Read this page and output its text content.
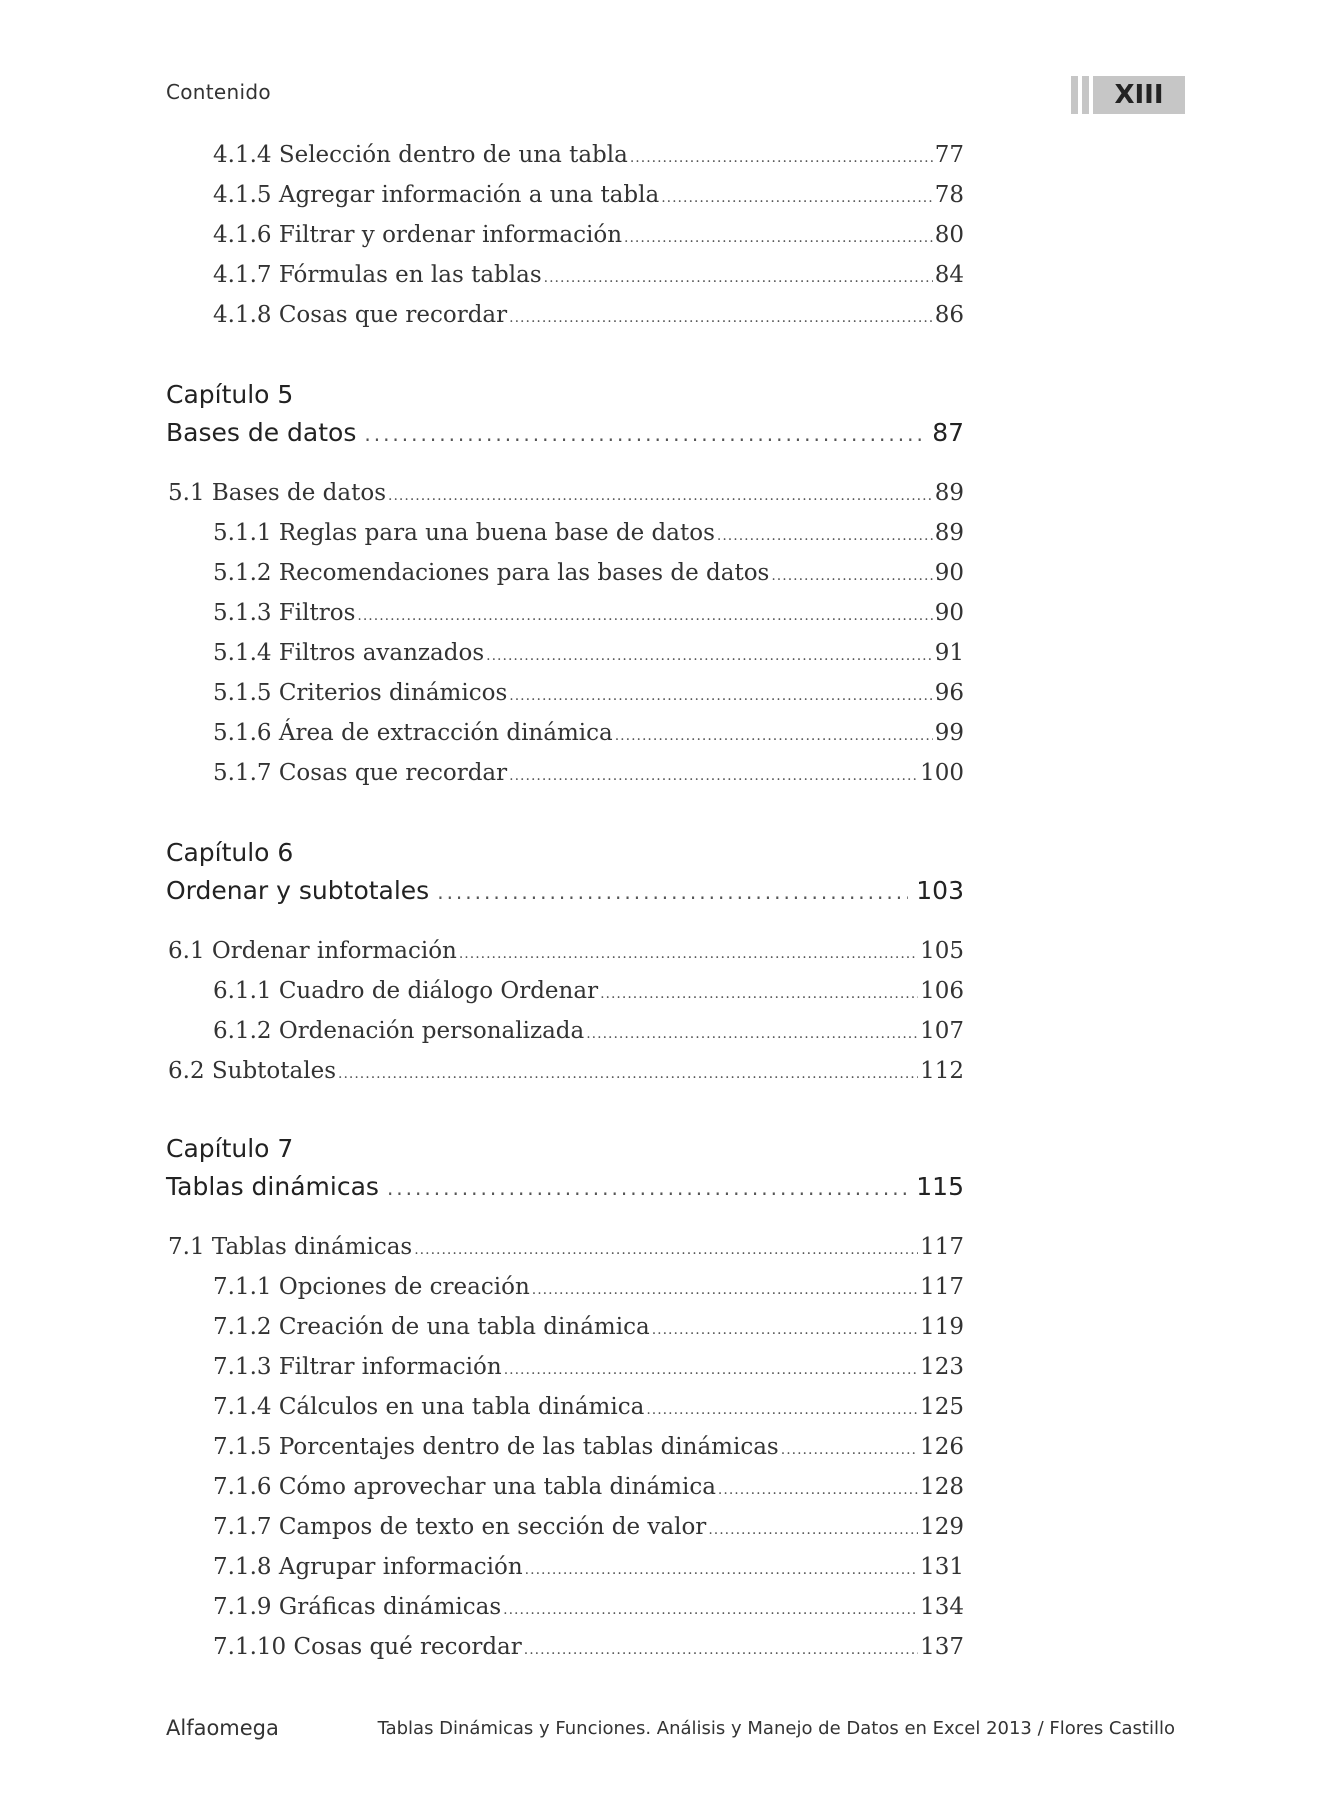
Contenido	XIII
4.1.4 Selección dentro de una tabla .....	77
4.1.5 Agregar información a una tabla .....	78
4.1.6 Filtrar y ordenar información .....	80
4.1.7 Fórmulas en las tablas .....	84
4.1.8 Cosas que recordar .....	86
Capítulo 5
Bases de datos .....	87
5.1 Bases de datos .....	89
5.1.1 Reglas para una buena base de datos .....	89
5.1.2 Recomendaciones para las bases de datos .....	90
5.1.3 Filtros .....	90
5.1.4 Filtros avanzados .....	91
5.1.5 Criterios dinámicos .....	96
5.1.6 Área de extracción dinámica .....	99
5.1.7 Cosas que recordar .....	100
Capítulo 6
Ordenar y subtotales .....	103
6.1 Ordenar información .....	105
6.1.1 Cuadro de diálogo Ordenar .....	106
6.1.2 Ordenación personalizada .....	107
6.2 Subtotales .....	112
Capítulo 7
Tablas dinámicas .....	115
7.1 Tablas dinámicas .....	117
7.1.1 Opciones de creación .....	117
7.1.2 Creación de una tabla dinámica .....	119
7.1.3 Filtrar información .....	123
7.1.4 Cálculos en una tabla dinámica .....	125
7.1.5 Porcentajes dentro de las tablas dinámicas .....	126
7.1.6 Cómo aprovechar una tabla dinámica .....	128
7.1.7 Campos de texto en sección de valor .....	129
7.1.8 Agrupar información .....	131
7.1.9 Gráficas dinámicas .....	134
7.1.10 Cosas qué recordar .....	137
Alfaomega	Tablas Dinámicas y Funciones. Análisis y Manejo de Datos en Excel 2013 / Flores Castillo
